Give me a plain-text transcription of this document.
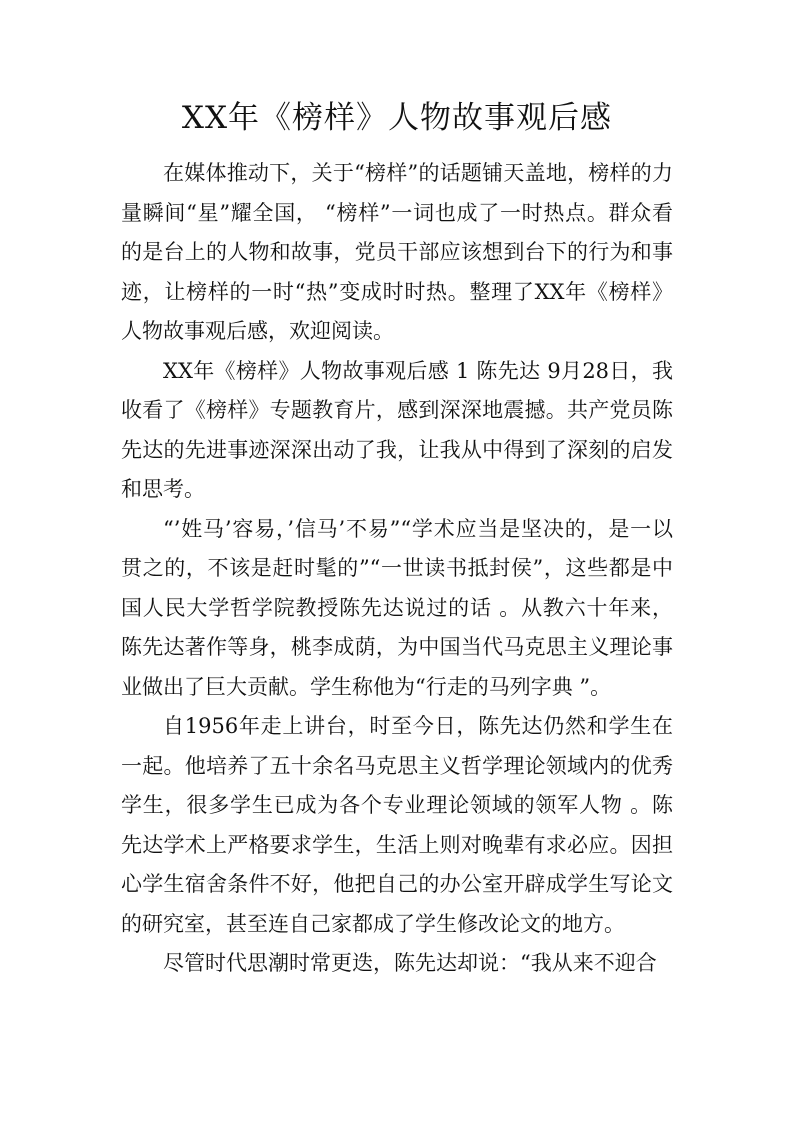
XX年《榜样》人物故事观后感

在媒体推动下，关于“榜样”的话题铺天盖地，榜样的力量瞬间“星”耀全国， “榜样”一词也成了一时热点。群众看的是台上的人物和故事，党员干部应该想到台下的行为和事迹，让榜样的一时“热”变成时时热。整理了XX年《榜样》人物故事观后感，欢迎阅读。

XX年《榜样》人物故事观后感 1 陈先达 9月28日，我收看了《榜样》专题教育片，感到深深地震撼。共产党员陈先达的先进事迹深深出动了我，让我从中得到了深刻的启发和思考。

“’姓马’容易，’信马’不易”“学术应当是坚决的，是一以贯之的，不该是赶时髦的”“一世读书抵封侯”，这些都是中国人民大学哲学院教授陈先达说过的话 。从教六十年来，陈先达著作等身，桃李成荫，为中国当代马克思主义理论事业做出了巨大贡献。学生称他为“行走的马列字典 ”。

自1956年走上讲台，时至今日，陈先达仍然和学生在一起。他培养了五十余名马克思主义哲学理论领域内的优秀学生，很多学生已成为各个专业理论领域的领军人物 。陈先达学术上严格要求学生，生活上则对晚辈有求必应。因担心学生宿舍条件不好，他把自己的办公室开辟成学生写论文的研究室，甚至连自己家都成了学生修改论文的地方。

尽管时代思潮时常更迭，陈先达却说：“我从来不迎合
